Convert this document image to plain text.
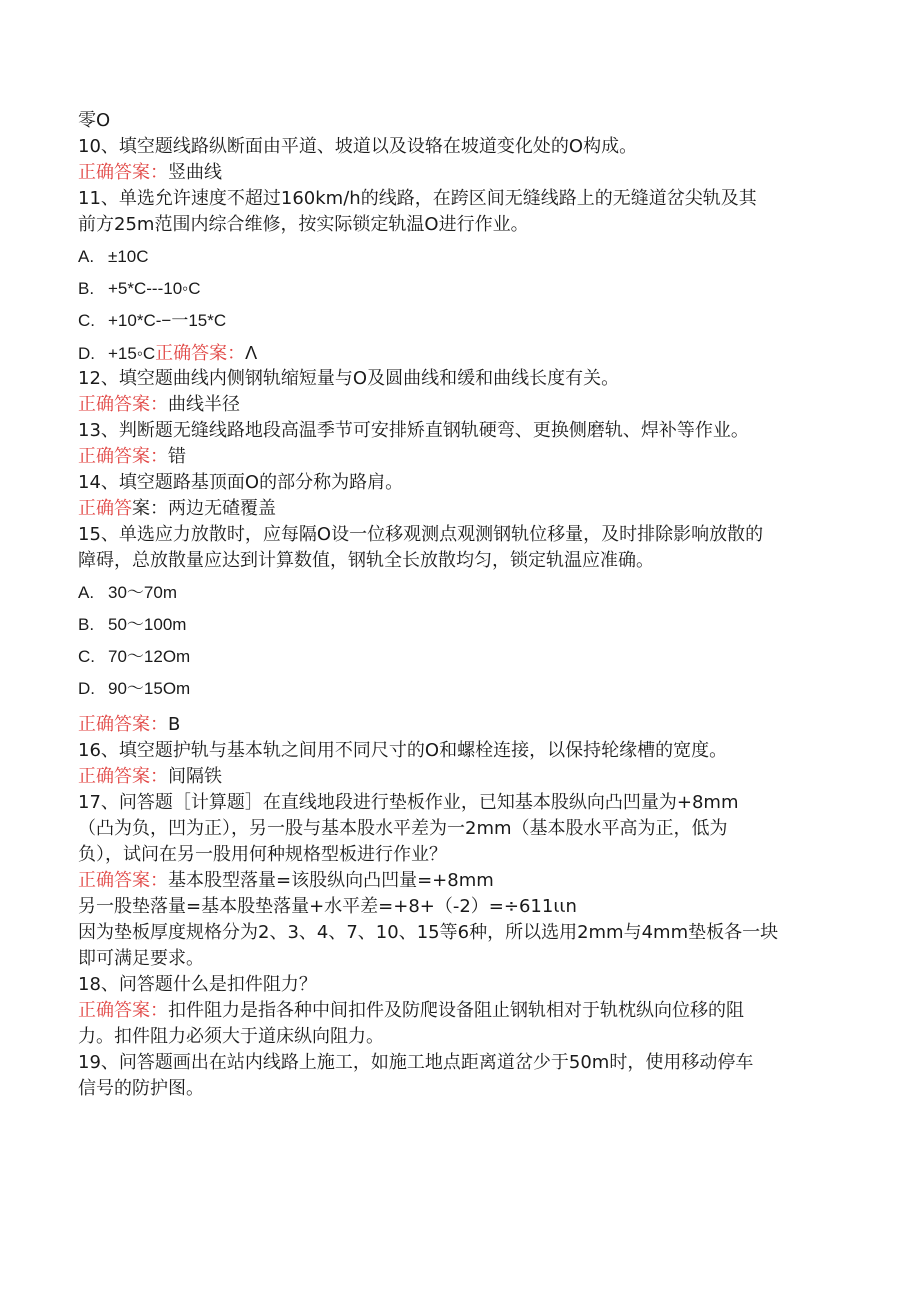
零O

10、填空题线路纵断面由平道、坡道以及设辂在坡道变化处的O构成。

正确答案：竖曲线

11、单选允许速度不超过160km∕h的线路，在跨区间无缝线路上的无缝道岔尖轨及其

前方25m范围内综合维修，按实际锁定轨温O进行作业。

A. ±10C
B. +5*C---10◦C
C. +10*C-−一15*C
D. +15◦C正确答案：Λ

12、填空题曲线内侧钢轨缩短量与O及圆曲线和缓和曲线长度有关。

正确答案：曲线半径

13、判断题无缝线路地段高温季节可安排矫直钢轨硬弯、更换侧磨轨、焊补等作业。

正确答案：错

14、填空题路基顶面O的部分称为路肩。

正确答案：两边无碴覆盖

15、单选应力放散时，应每隔O设一位移观测点观测钢轨位移量，及时排除影响放散的

障碍，总放散量应达到计算数值，钢轨全长放散均匀，锁定轨温应准确。

A. 30～70m
B. 50～100m
C. 70～12Om
D. 90～15Om

正确答案：B

16、填空题护轨与基本轨之间用不同尺寸的O和螺栓连接，以保持轮缘槽的宽度。

正确答案：间隔铁

17、问答题［计算题］在直线地段进行垫板作业，已知基本股纵向凸凹量为+8mm

（凸为负，凹为正），另一股与基本股水平差为一2mm（基本股水平高为正，低为

负），试问在另一股用何种规格型板进行作业？

正确答案：基本股型落量=该股纵向凸凹量=+8mm

另一股垫落量=基本股垫落量+水平差=+8+（-2）=÷611ιιn

因为垫板厚度规格分为2、3、4、7、10、15等6种，所以选用2mm与4mm垫板各一块

即可满足要求。

18、问答题什么是扣件阻力？

正确答案：扣件阻力是指各种中间扣件及防爬设备阻止钢轨相对于轨枕纵向位移的阻

力。扣件阻力必须大于道床纵向阻力。

19、问答题画出在站内线路上施工，如施工地点距离道岔少于50m时，使用移动停车

信号的防护图。
